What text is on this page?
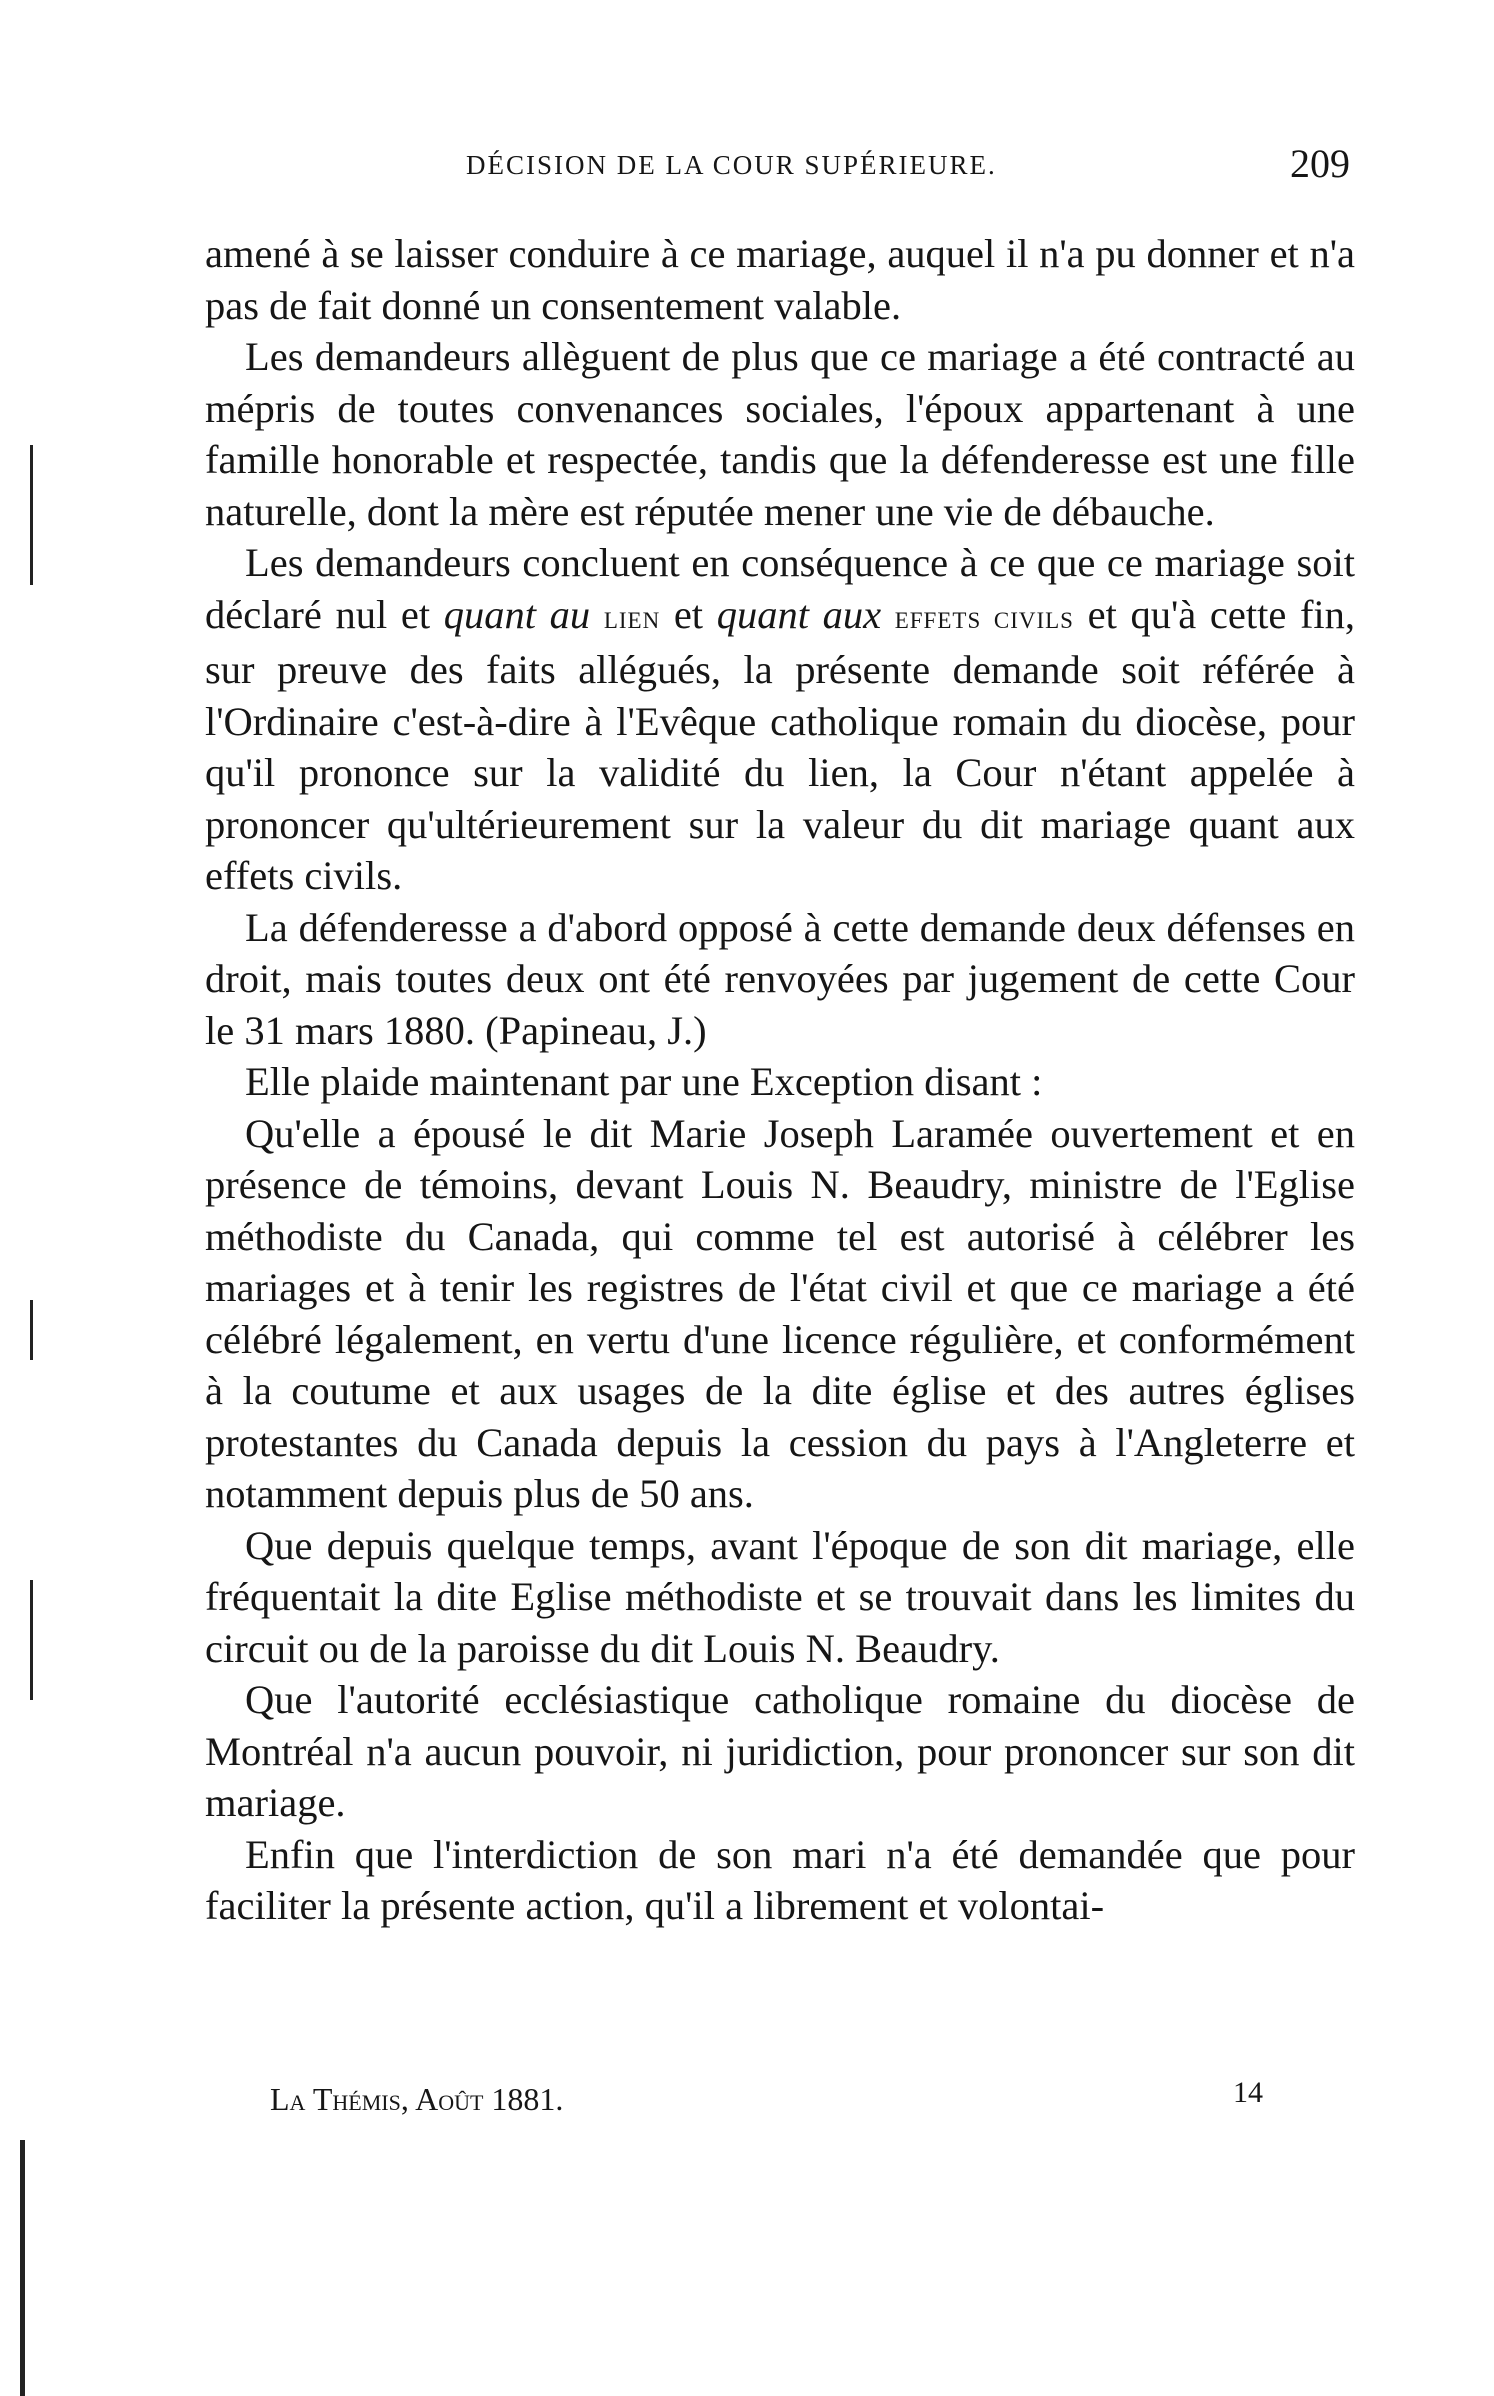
DÉCISION DE LA COUR SUPÉRIEURE.	209

amené à se laisser conduire à ce mariage, auquel il n'a pu donner et n'a pas de fait donné un consentement valable.

Les demandeurs allèguent de plus que ce mariage a été contracté au mépris de toutes convenances sociales, l'époux appartenant à une famille honorable et respectée, tandis que la défenderesse est une fille naturelle, dont la mère est réputée mener une vie de débauche.

Les demandeurs concluent en conséquence à ce que ce mariage soit déclaré nul et quant au lien et quant aux effets civils et qu'à cette fin, sur preuve des faits allégués, la présente demande soit référée à l'Ordinaire c'est-à-dire à l'Evêque catholique romain du diocèse, pour qu'il prononce sur la validité du lien, la Cour n'étant appelée à prononcer qu'ultérieurement sur la valeur du dit mariage quant aux effets civils.

La défenderesse a d'abord opposé à cette demande deux défenses en droit, mais toutes deux ont été renvoyées par jugement de cette Cour le 31 mars 1880. (Papineau, J.)

Elle plaide maintenant par une Exception disant :

Qu'elle a épousé le dit Marie Joseph Laramée ouvertement et en présence de témoins, devant Louis N. Beaudry, ministre de l'Eglise méthodiste du Canada, qui comme tel est autorisé à célébrer les mariages et à tenir les registres de l'état civil et que ce mariage a été célébré légalement, en vertu d'une licence régulière, et conformément à la coutume et aux usages de la dite église et des autres églises protestantes du Canada depuis la cession du pays à l'Angleterre et notamment depuis plus de 50 ans.

Que depuis quelque temps, avant l'époque de son dit mariage, elle fréquentait la dite Eglise méthodiste et se trouvait dans les limites du circuit ou de la paroisse du dit Louis N. Beaudry.

Que l'autorité ecclésiastique catholique romaine du diocèse de Montréal n'a aucun pouvoir, ni juridiction, pour prononcer sur son dit mariage.

Enfin que l'interdiction de son mari n'a été demandée que pour faciliter la présente action, qu'il a librement et volontai-

La Thémis, Août 1881.	14
